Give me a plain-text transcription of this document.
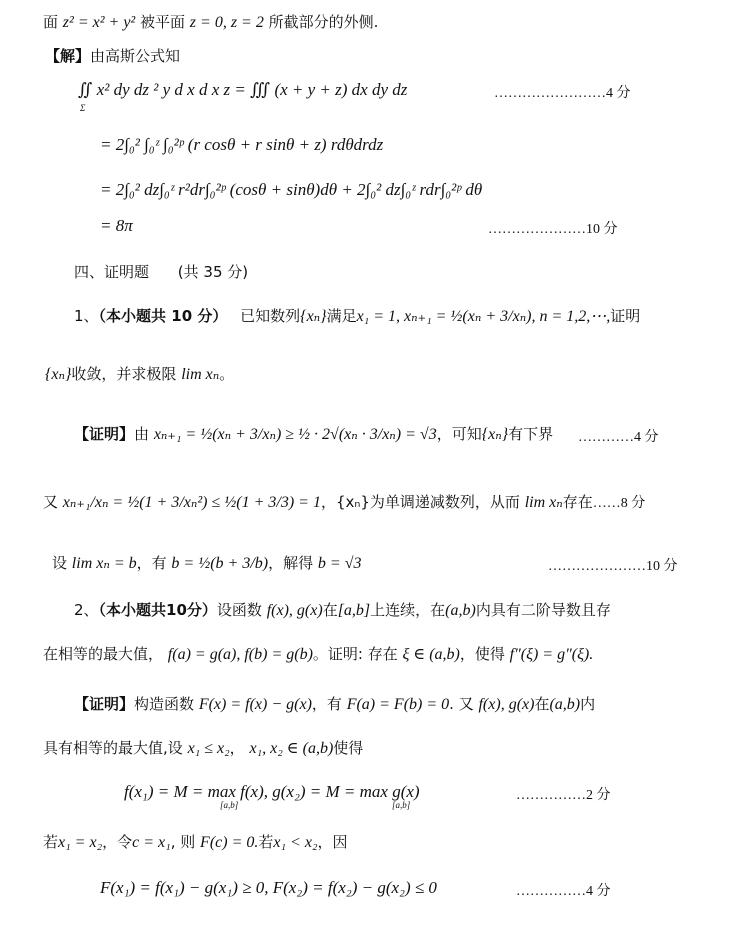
面 z² = x² + y² 被平面 z = 0, z = 2 所截部分的外侧.
【解】由高斯公式知
∬ x² dy dz ² y d x d x z = ∭ (x + y + z) dx dy dz
Σ
……………………4 分
= 2∫₀² ∫₀ᶻ ∫₀²ᵖ (r cosθ + r sinθ + z) rdθdrdz
= 2∫₀² dz∫₀ᶻ r²dr∫₀²ᵖ (cosθ + sinθ)dθ + 2∫₀² dz∫₀ᶻ rdr∫₀²ᵖ dθ
= 8π	…………………10 分
四、证明题 (共 35 分)
1、（本小题共 10 分） 已知数列{xₙ}满足x₁ = 1, xₙ₊₁ = ½(xₙ + 3/xₙ), n = 1,2,⋯,证明
{xₙ}收敛，并求极限 lim xₙ。
【证明】由 xₙ₊₁ = ½(xₙ + 3/xₙ) ≥ ½ · 2√(xₙ · 3/xₙ) = √3，可知{xₙ}有下界 …………4 分
又 xₙ₊₁/xₙ = ½(1 + 3/xₙ²) ≤ ½(1 + 3/3) = 1，{xₙ}为单调递减数列，从而 lim xₙ存在……8 分
设 lim xₙ = b，有 b = ½(b + 3/b)，解得 b = √3	…………………10 分
2、（本小题共10分）设函数 f(x), g(x)在[a,b]上连续，在(a,b)内具有二阶导数且存
在相等的最大值， f(a) = g(a), f(b) = g(b)。证明: 存在 ξ ∈ (a,b)，使得 f″(ξ) = g″(ξ).
【证明】构造函数 F(x) = f(x) − g(x)，有 F(a) = F(b) = 0. 又 f(x), g(x)在(a,b)内
具有相等的最大值,设 x₁ ≤ x₂， x₁, x₂ ∈ (a,b)使得
f(x₁) = M = max f(x), g(x₂) = M = max g(x)
[a,b]	[a,b]
……………2 分
若x₁ = x₂，令c = x₁, 则 F(c) = 0.若x₁ < x₂，因
F(x₁) = f(x₁) − g(x₁) ≥ 0, F(x₂) = f(x₂) − g(x₂) ≤ 0	……………4 分
